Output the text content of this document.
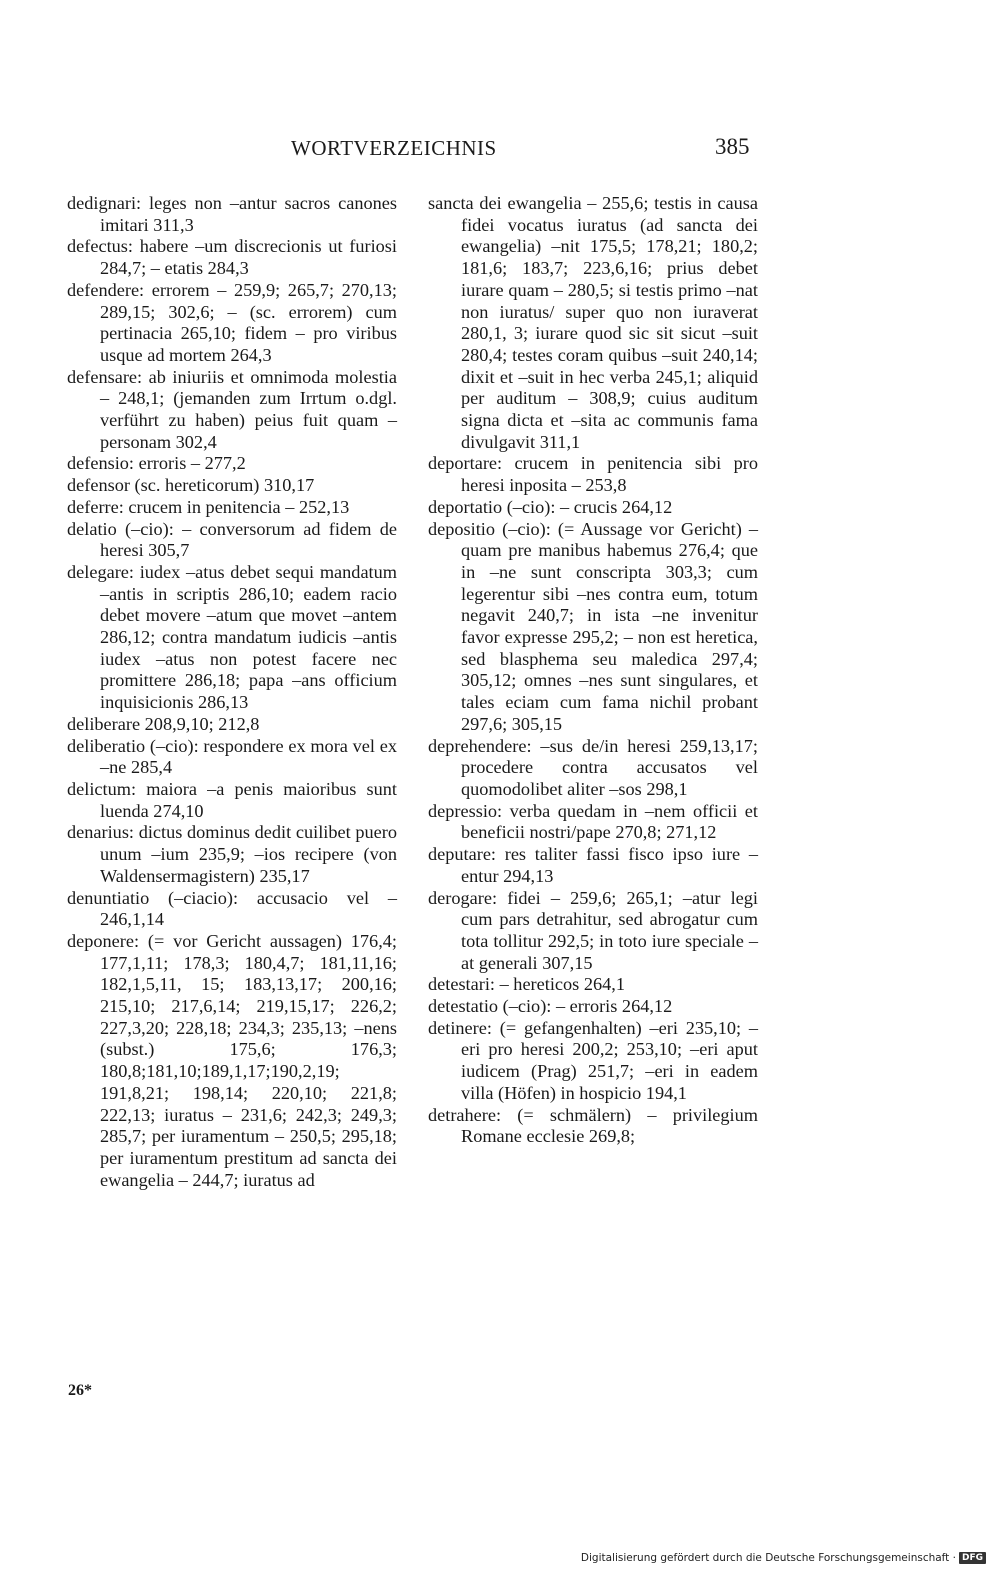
WORTVERZEICHNIS	385

dedignari: leges non –antur sacros canones imitari 311,3

defectus: habere –um discrecionis ut furiosi 284,7; – etatis 284,3

defendere: errorem – 259,9; 265,7; 270,13; 289,15; 302,6; – (sc. errorem) cum pertinacia 265,10; fidem – pro viribus usque ad mortem 264,3

defensare: ab iniuriis et omnimoda molestia – 248,1; (jemanden zum Irrtum o.dgl. verführt zu haben) peius fuit quam – personam 302,4

defensio: erroris – 277,2

defensor (sc. hereticorum) 310,17

deferre: crucem in penitencia – 252,13

delatio (–cio): – conversorum ad fidem de heresi 305,7

delegare: iudex –atus debet sequi mandatum –antis in scriptis 286,10; eadem racio debet movere –atum que movet –antem 286,12; contra mandatum iudicis –antis iudex –atus non potest facere nec promittere 286,18; papa –ans officium inquisicionis 286,13

deliberare 208,9,10; 212,8

deliberatio (–cio): respondere ex mora vel ex –ne 285,4

delictum: maiora –a penis maioribus sunt luenda 274,10

denarius: dictus dominus dedit cuilibet puero unum –ium 235,9; –ios recipere (von Waldensermagistern) 235,17

denuntiatio (–ciacio): accusacio vel – 246,1,14

deponere: (= vor Gericht aussagen) 176,4; 177,1,11; 178,3; 180,4,7; 181,11,16; 182,1,5,11, 15; 183,13,17; 200,16; 215,10; 217,6,14; 219,15,17; 226,2; 227,3,20; 228,18; 234,3; 235,13; –nens (subst.) 175,6; 176,3; 180,8;181,10;189,1,17;190,2,19; 191,8,21; 198,14; 220,10; 221,8; 222,13; iuratus – 231,6; 242,3; 249,3; 285,7; per iuramentum – 250,5; 295,18; per iuramentum prestitum ad sancta dei ewangelia – 244,7; iuratus ad

sancta dei ewangelia – 255,6; testis in causa fidei vocatus iuratus (ad sancta dei ewangelia) –nit 175,5; 178,21; 180,2; 181,6; 183,7; 223,6,16; prius debet iurare quam – 280,5; si testis primo –nat non iuratus/ super quo non iuraverat 280,1, 3; iurare quod sic sit sicut –suit 280,4; testes coram quibus –suit 240,14; dixit et –suit in hec verba 245,1; aliquid per auditum – 308,9; cuius auditum signa dicta et –sita ac communis fama divulgavit 311,1

deportare: crucem in penitencia sibi pro heresi inposita – 253,8

deportatio (–cio): – crucis 264,12

depositio (–cio): (= Aussage vor Gericht) – quam pre manibus habemus 276,4; que in –ne sunt conscripta 303,3; cum legerentur sibi –nes contra eum, totum negavit 240,7; in ista –ne invenitur favor expresse 295,2; – non est heretica, sed blasphema seu maledica 297,4; 305,12; omnes –nes sunt singulares, et tales eciam cum fama nichil probant 297,6; 305,15

deprehendere: –sus de/in heresi 259,13,17; procedere contra accusatos vel quomodolibet aliter –sos 298,1

depressio: verba quedam in –nem officii et beneficii nostri/pape 270,8; 271,12

deputare: res taliter fassi fisco ipso iure –entur 294,13

derogare: fidei – 259,6; 265,1; –atur legi cum pars detrahitur, sed abrogatur cum tota tollitur 292,5; in toto iure speciale –at generali 307,15

detestari: – hereticos 264,1

detestatio (–cio): – erroris 264,12

detinere: (= gefangenhalten) –eri 235,10; –eri pro heresi 200,2; 253,10; –eri aput iudicem (Prag) 251,7; –eri in eadem villa (Höfen) in hospicio 194,1

detrahere: (= schmälern) – privilegium Romane ecclesie 269,8;

26*
Digitalisierung gefördert durch die Deutsche Forschungsgemeinschaft · DFG
